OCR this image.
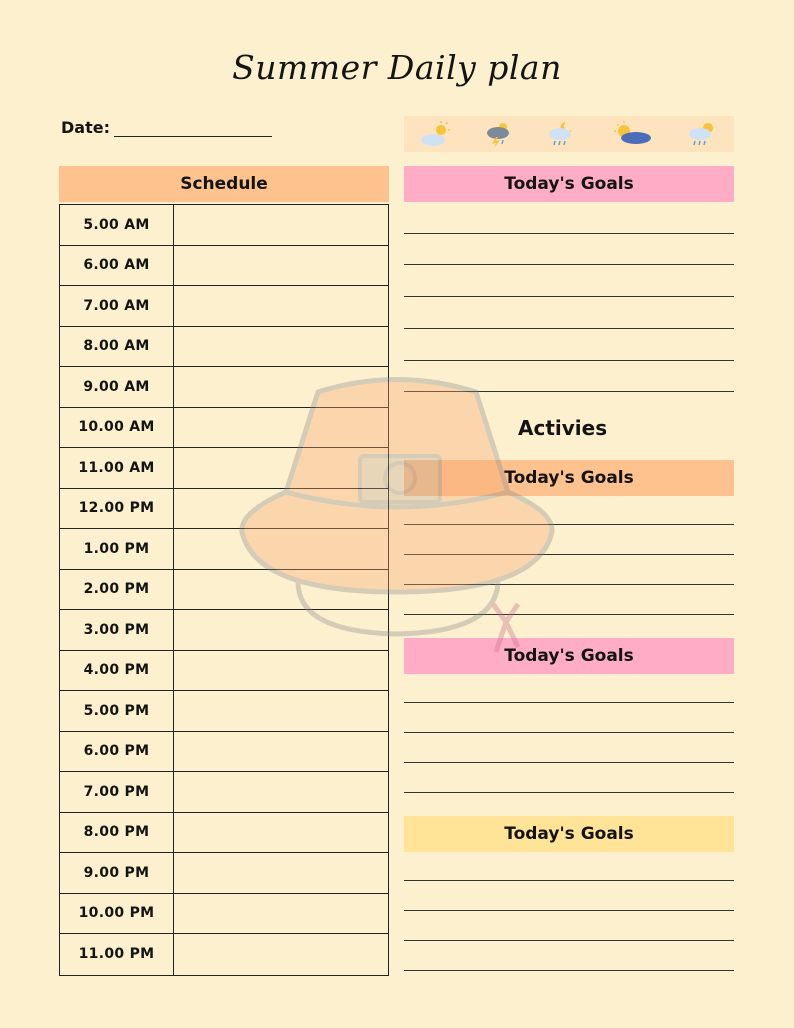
Summer Daily plan
Date:
Schedule
5.00 AM
6.00 AM
7.00 AM
8.00 AM
9.00 AM
10.00 AM
11.00 AM
12.00 PM
1.00 PM
2.00 PM
3.00 PM
4.00 PM
5.00 PM
6.00 PM
7.00 PM
8.00 PM
9.00 PM
10.00 PM
11.00 PM
Today's Goals
Activies
Today's Goals
Today's Goals
Today's Goals
